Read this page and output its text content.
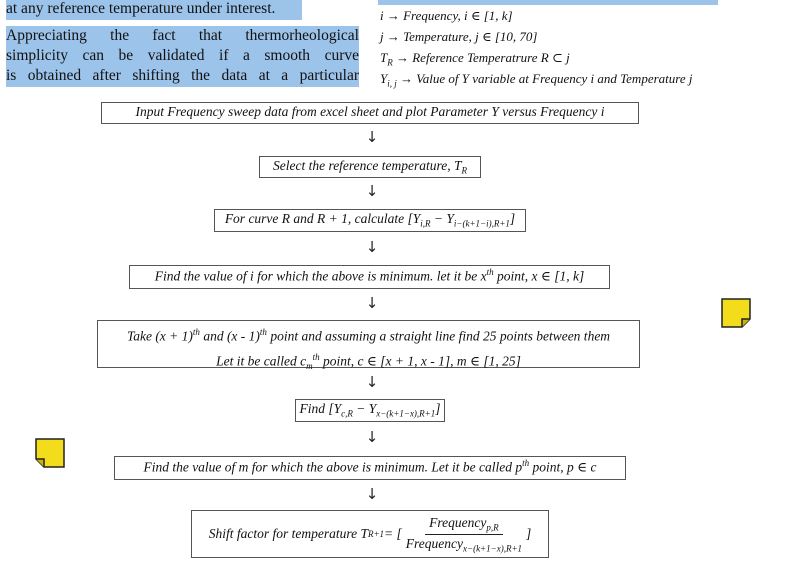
at any reference temperature under interest.
Appreciating the fact that thermorheological
simplicity can be validated if a smooth curve
is obtained after shifting the data at a particular
i → Frequency, i ∈ [1, k]
j → Temperature, j ∈ [10, 70]
$T_R$ → Reference Temperatrure R ⊂ j
$Y_{i, j}$ → Value of Y variable at Frequency i and Temperature j
Input Frequency sweep data from excel sheet and plot Parameter Y versus Frequency i
↓
Select the reference temperature, $T_R$
↓
For curve R and R + 1, calculate $[Y_{i,R} - Y_{i-(k+1-i),R+1}]$
↓
Find the value of i for which the above is minimum. let it be $x^{th}$ point, x ∈ [1, k]
↓
Take $(x + 1)^{th}$ and (x - 1)$^{th}$ point and assuming a straight line find 25 points between them
Let it be called $c_m^{th}$ point, c ∈ [x + 1, x - 1], m ∈ [1, 25]
↓
Find $[Y_{c,R} - Y_{x-(k+1-x),R+1}]$
↓
Find the value of m for which the above is minimum. Let it be called $p^{th}$ point, p ∈ c
↓
Shift factor for temperature T R+1 = [ $\frac{Frequency_{p,R}}{Frequency_{x-(k+1-x),R+1}}$ ]
